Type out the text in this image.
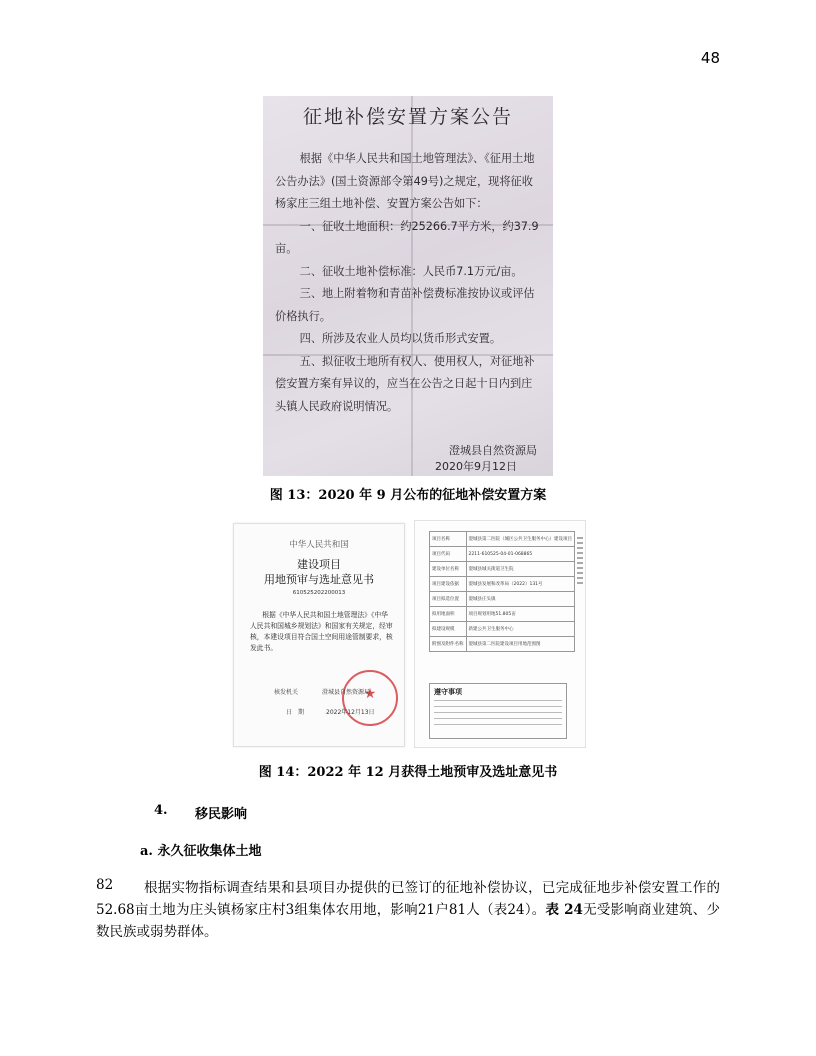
48
征地补偿安置方案公告

根据《中华人民共和国土地管理法》、《征用土地公告办法》(国土资源部令第49号)之规定，现将征收杨家庄三组土地补偿、安置方案公告如下：

一、征收土地面积：约25266.7平方米，约37.9亩。

二、征收土地补偿标准：人民币7.1万元/亩。

三、地上附着物和青苗补偿费标准按协议或评估价格执行。

四、所涉及农业人员均以货币形式安置。

五、拟征收土地所有权人、使用权人，对征地补偿安置方案有异议的，应当在公告之日起十日内到庄头镇人民政府说明情况。

澄城县自然资源局
2020年9月12日
图 13：2020 年 9 月公布的征地补偿安置方案
中华人民共和国
建设项目
用地预审与选址意见书
610525202200013
根据《中华人民共和国土地管理法》《中华人民共和国城乡规划法》和国家有关规定，经审核，本建设项目符合国土空间用途管制要求，核发此书。
★
核发机关	澄城县自然资源局
日　期	2022年12月13日
项目名称	澄城县第二医院（城区公共卫生服务中心）建设项目
项目代码	2211-610525-04-01-068865
建设单位名称	澄城县城关街道卫生院
项目建设依据	澄城县发展和改革局（2022）131号
项目拟选位置	澄城县庄头镇
拟用地面积	项目规划用地51.805亩
拟建设规模	新建公共卫生服务中心
附图及附件名称	澄城县第二医院建设项目用地范围图
遵守事项
图 14：2022 年 12 月获得土地预审及选址意见书
4. 移民影响
a. 永久征收集体土地
82	根据实物指标调查结果和县项目办提供的已签订的征地补偿协议，已完成征地步补偿安置工作的52.68亩土地为庄头镇杨家庄村3组集体农用地，影响21户81人（表24）。表 24无受影响商业建筑、少数民族或弱势群体。
